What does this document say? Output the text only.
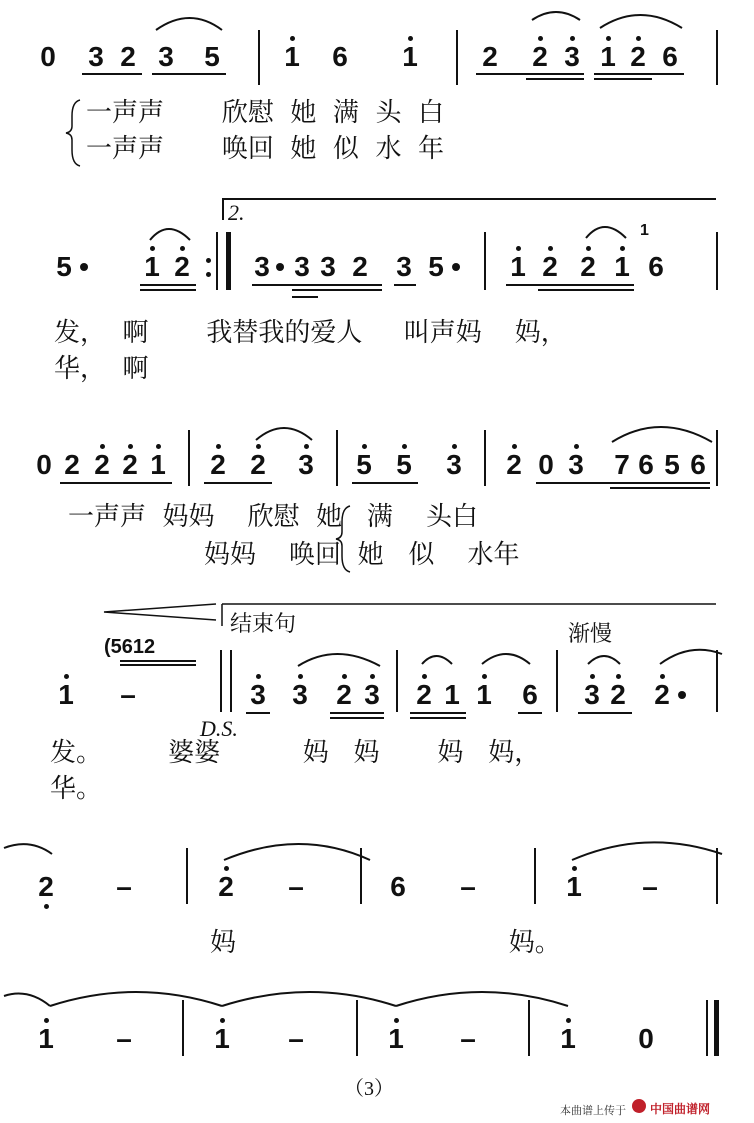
0 3 2 3 5 1 6 1 2 2 3 1 2 6
一声声       欣慰  她  满  头  白
一声声       唤回  她  似  水  年
2.
5 • 1 2 3 • 3 3 2 3 5 • 1 2 2 1 6
1
发，  啊       我替我的爱人     叫声妈    妈，
华，  啊
0 2 2 2 1 2 2 3 5 5 3 2 0 3 7 6 5 6
一声声  妈妈    欣慰  她   满    头白
妈妈    唤回  她   似    水年
结束句	渐慢
(5612
1 –
D.S.
3 3 2 3 2 1 1 6 3 2 2 •
发。        婆婆          妈   妈       妈   妈，
华。
2 –	2 –	6 –	1 –
妈                                 妈。
1 –	1 –	1 –	1 0
（3）
本曲谱上传于 中国曲谱网
